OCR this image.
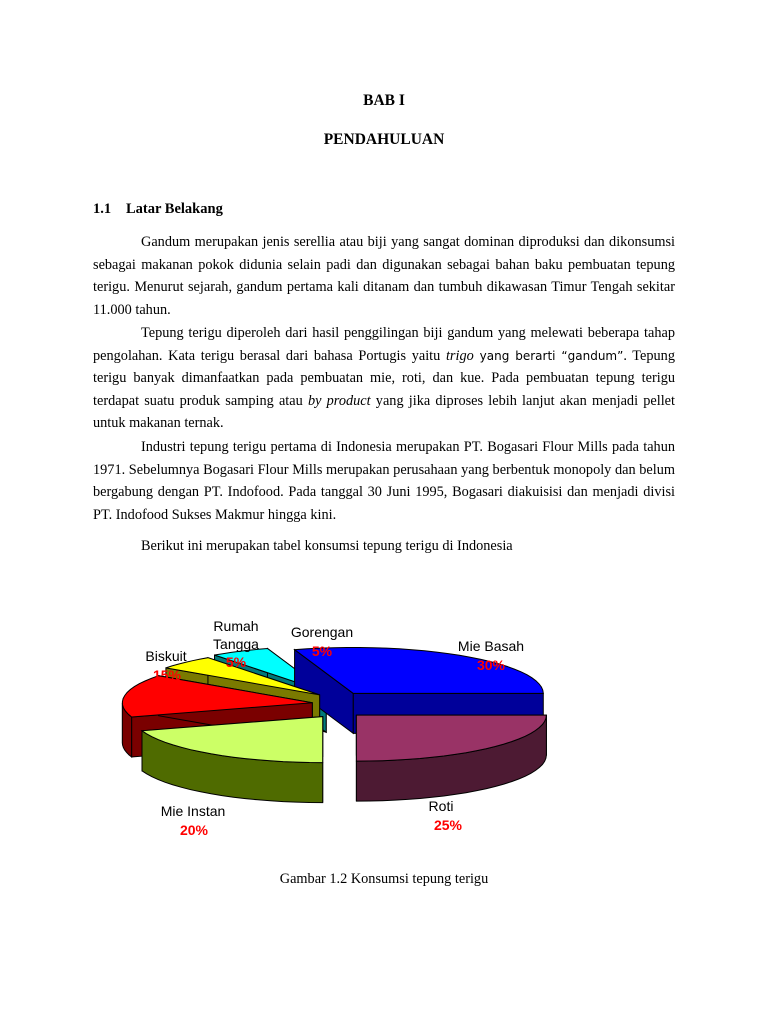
BAB I
PENDAHULUAN
1.1 Latar Belakang
Gandum merupakan jenis serellia atau biji yang sangat dominan diproduksi dan dikonsumsi sebagai makanan pokok didunia selain padi dan digunakan sebagai bahan baku pembuatan tepung terigu. Menurut sejarah, gandum pertama kali ditanam dan tumbuh dikawasan Timur Tengah sekitar 11.000 tahun.
Tepung terigu diperoleh dari hasil penggilingan biji gandum yang melewati beberapa tahap pengolahan. Kata terigu berasal dari bahasa Portugis yaitu trigo yang berarti “gandum”. Tepung terigu banyak dimanfaatkan pada pembuatan mie, roti, dan kue. Pada pembuatan tepung terigu terdapat suatu produk samping atau by product yang jika diproses lebih lanjut akan menjadi pellet untuk makanan ternak.
Industri tepung terigu pertama di Indonesia merupakan PT. Bogasari Flour Mills pada tahun 1971. Sebelumnya Bogasari Flour Mills merupakan perusahaan yang berbentuk monopoly dan belum bergabung dengan PT. Indofood. Pada tanggal 30 Juni 1995, Bogasari diakuisisi dan menjadi divisi PT. Indofood Sukses Makmur hingga kini.
Berikut ini merupakan tabel konsumsi tepung terigu di Indonesia
Mie Basah
30%
Roti
25%
Mie Instan
20%
Biskuit
15%
Rumah
Tangga
5%
Gorengan
5%
Gambar 1.2 Konsumsi tepung terigu
